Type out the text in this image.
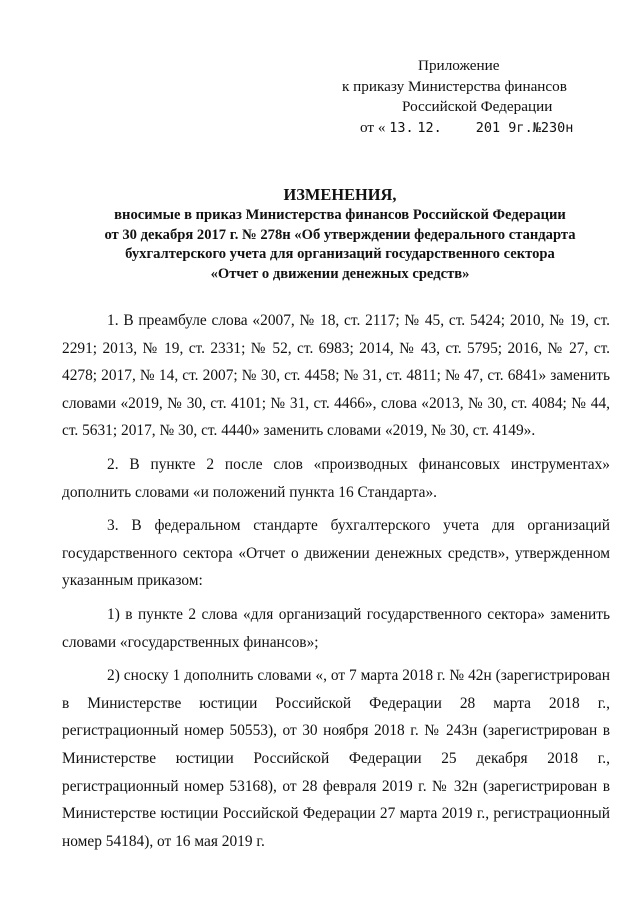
Приложение
к приказу Министерства финансов
Российской Федерации
от « 13. 12.	201 9г.№230н
ИЗМЕНЕНИЯ,
вносимые в приказ Министерства финансов Российской Федерации
от 30 декабря 2017 г. № 278н «Об утверждении федерального стандарта
бухгалтерского учета для организаций государственного сектора
«Отчет о движении денежных средств»

1. В преамбуле слова «2007, № 18, ст. 2117; № 45, ст. 5424; 2010, № 19, ст. 2291; 2013, № 19, ст. 2331; № 52, ст. 6983; 2014, № 43, ст. 5795; 2016, № 27, ст. 4278; 2017, № 14, ст. 2007; № 30, ст. 4458; № 31, ст. 4811; № 47, ст. 6841» заменить словами «2019, № 30, ст. 4101; № 31, ст. 4466», слова «2013, № 30, ст. 4084; № 44, ст. 5631; 2017, № 30, ст. 4440» заменить словами «2019, № 30, ст. 4149».

2. В пункте 2 после слов «производных финансовых инструментах» дополнить словами «и положений пункта 16 Стандарта».

3. В федеральном стандарте бухгалтерского учета для организаций государственного сектора «Отчет о движении денежных средств», утвержденном указанным приказом:

1) в пункте 2 слова «для организаций государственного сектора» заменить словами «государственных финансов»;

2) сноску 1 дополнить словами «, от 7 марта 2018 г. № 42н (зарегистрирован в Министерстве юстиции Российской Федерации 28 марта 2018 г., регистрационный номер 50553), от 30 ноября 2018 г. № 243н (зарегистрирован в Министерстве юстиции Российской Федерации 25 декабря 2018 г., регистрационный номер 53168), от 28 февраля 2019 г. № 32н (зарегистрирован в Министерстве юстиции Российской Федерации 27 марта 2019 г., регистрационный номер 54184), от 16 мая 2019 г.
